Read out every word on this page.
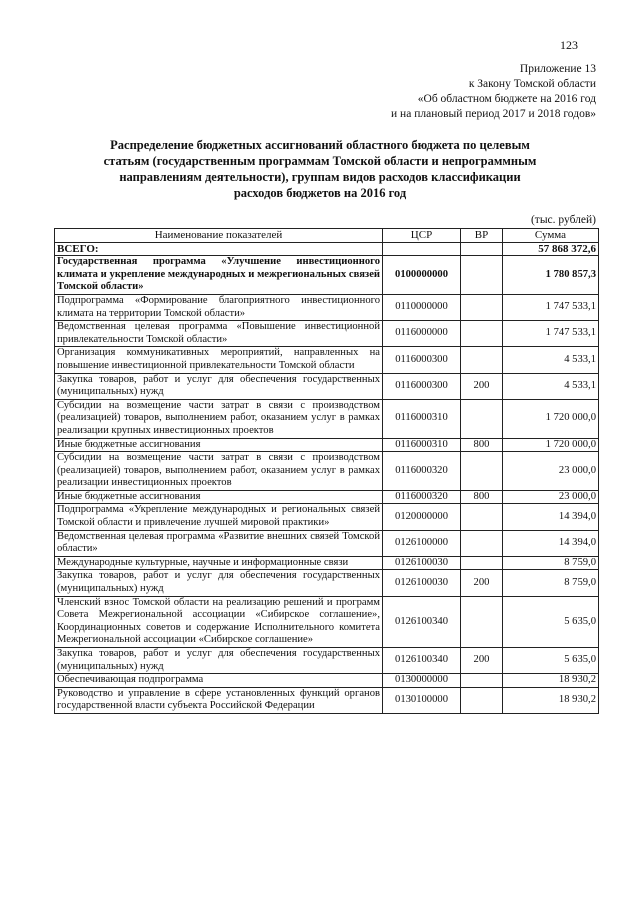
123
Приложение 13
к Закону Томской области
«Об областном бюджете на 2016 год
и на плановый период 2017 и 2018 годов»
Распределение бюджетных ассигнований областного бюджета по целевым
статьям (государственным программам Томской области и непрограммным
направлениям деятельности), группам видов расходов классификации
расходов бюджетов на 2016 год
(тыс. рублей)
Наименование показателей	ЦСР	ВР	Сумма
ВСЕГО:			57 868 372,6
Государственная программа «Улучшение инвестиционного климата и укрепление международных и межрегиональных связей Томской области»	0100000000		1 780 857,3
Подпрограмма «Формирование благоприятного инвестиционного климата на территории Томской области»	0110000000		1 747 533,1
Ведомственная целевая программа «Повышение инвестиционной привлекательности Томской области»	0116000000		1 747 533,1
Организация коммуникативных мероприятий, направленных на повышение инвестиционной привлекательности Томской области	0116000300		4 533,1
Закупка товаров, работ и услуг для обеспечения государственных (муниципальных) нужд	0116000300	200	4 533,1
Субсидии на возмещение части затрат в связи с производством (реализацией) товаров, выполнением работ, оказанием услуг в рамках реализации крупных инвестиционных проектов	0116000310		1 720 000,0
Иные бюджетные ассигнования	0116000310	800	1 720 000,0
Субсидии на возмещение части затрат в связи с производством (реализацией) товаров, выполнением работ, оказанием услуг в рамках реализации инвестиционных проектов	0116000320		23 000,0
Иные бюджетные ассигнования	0116000320	800	23 000,0
Подпрограмма «Укрепление международных и региональных связей Томской области и привлечение лучшей мировой практики»	0120000000		14 394,0
Ведомственная целевая программа «Развитие внешних связей Томской области»	0126100000		14 394,0
Международные культурные, научные и информационные связи	0126100030		8 759,0
Закупка товаров, работ и услуг для обеспечения государственных (муниципальных) нужд	0126100030	200	8 759,0
Членский взнос Томской области на реализацию решений и программ Совета Межрегиональной ассоциации «Сибирское соглашение», Координационных советов и содержание Исполнительного комитета Межрегиональной ассоциации «Сибирское соглашение»	0126100340		5 635,0
Закупка товаров, работ и услуг для обеспечения государственных (муниципальных) нужд	0126100340	200	5 635,0
Обеспечивающая подпрограмма	0130000000		18 930,2
Руководство и управление в сфере установленных функций органов государственной власти субъекта Российской Федерации	0130100000		18 930,2
